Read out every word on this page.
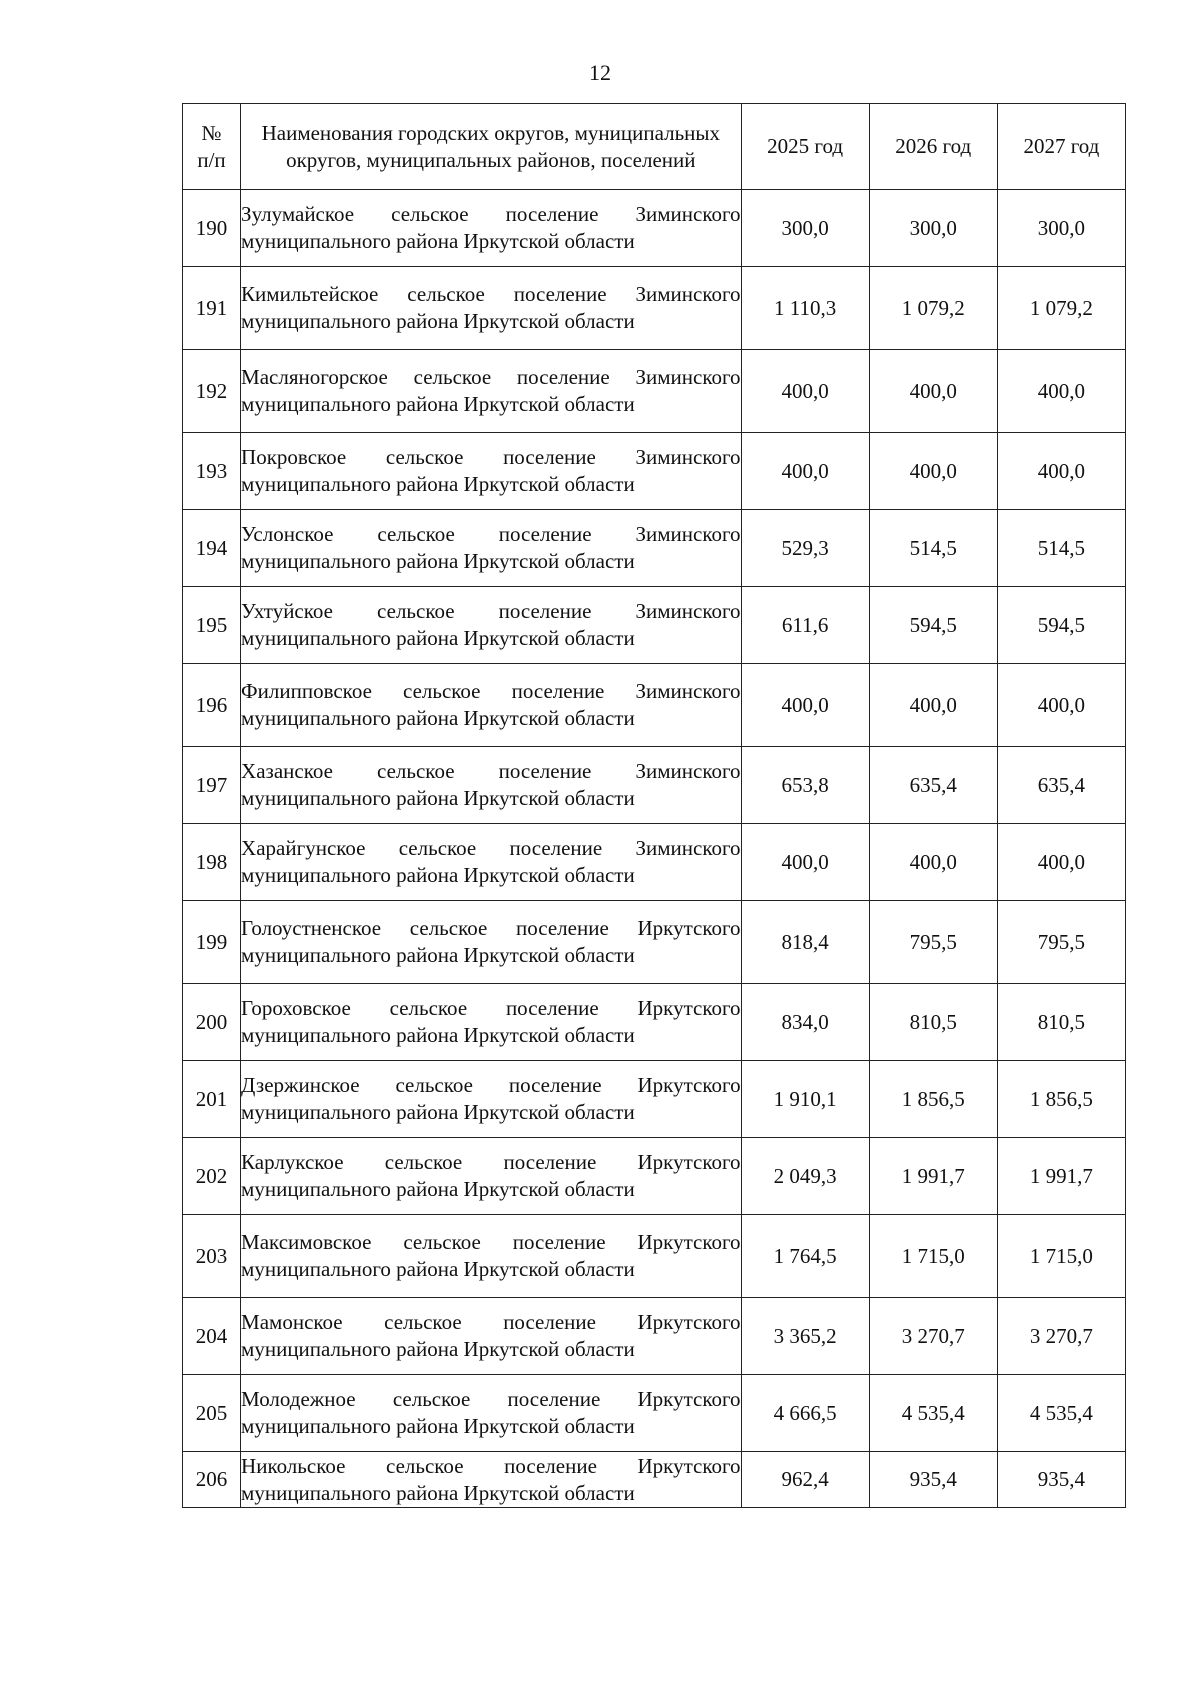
12
№ п/п	Наименования городских округов, муниципальных округов, муниципальных районов, поселений	2025 год	2026 год	2027 год
190	Зулумайское сельское поселение Зиминского муниципального района Иркутской области	300,0	300,0	300,0
191	Кимильтейское сельское поселение Зиминского муниципального района Иркутской области	1 110,3	1 079,2	1 079,2
192	Масляногорское сельское поселение Зиминского муниципального района Иркутской области	400,0	400,0	400,0
193	Покровское сельское поселение Зиминского муниципального района Иркутской области	400,0	400,0	400,0
194	Услонское сельское поселение Зиминского муниципального района Иркутской области	529,3	514,5	514,5
195	Ухтуйское сельское поселение Зиминского муниципального района Иркутской области	611,6	594,5	594,5
196	Филипповское сельское поселение Зиминского муниципального района Иркутской области	400,0	400,0	400,0
197	Хазанское сельское поселение Зиминского муниципального района Иркутской области	653,8	635,4	635,4
198	Харайгунское сельское поселение Зиминского муниципального района Иркутской области	400,0	400,0	400,0
199	Голоустненское сельское поселение Иркутского муниципального района Иркутской области	818,4	795,5	795,5
200	Гороховское сельское поселение Иркутского муниципального района Иркутской области	834,0	810,5	810,5
201	Дзержинское сельское поселение Иркутского муниципального района Иркутской области	1 910,1	1 856,5	1 856,5
202	Карлукское сельское поселение Иркутского муниципального района Иркутской области	2 049,3	1 991,7	1 991,7
203	Максимовское сельское поселение Иркутского муниципального района Иркутской области	1 764,5	1 715,0	1 715,0
204	Мамонское сельское поселение Иркутского муниципального района Иркутской области	3 365,2	3 270,7	3 270,7
205	Молодежное сельское поселение Иркутского муниципального района Иркутской области	4 666,5	4 535,4	4 535,4
206	Никольское сельское поселение Иркутского муниципального района Иркутской области	962,4	935,4	935,4
